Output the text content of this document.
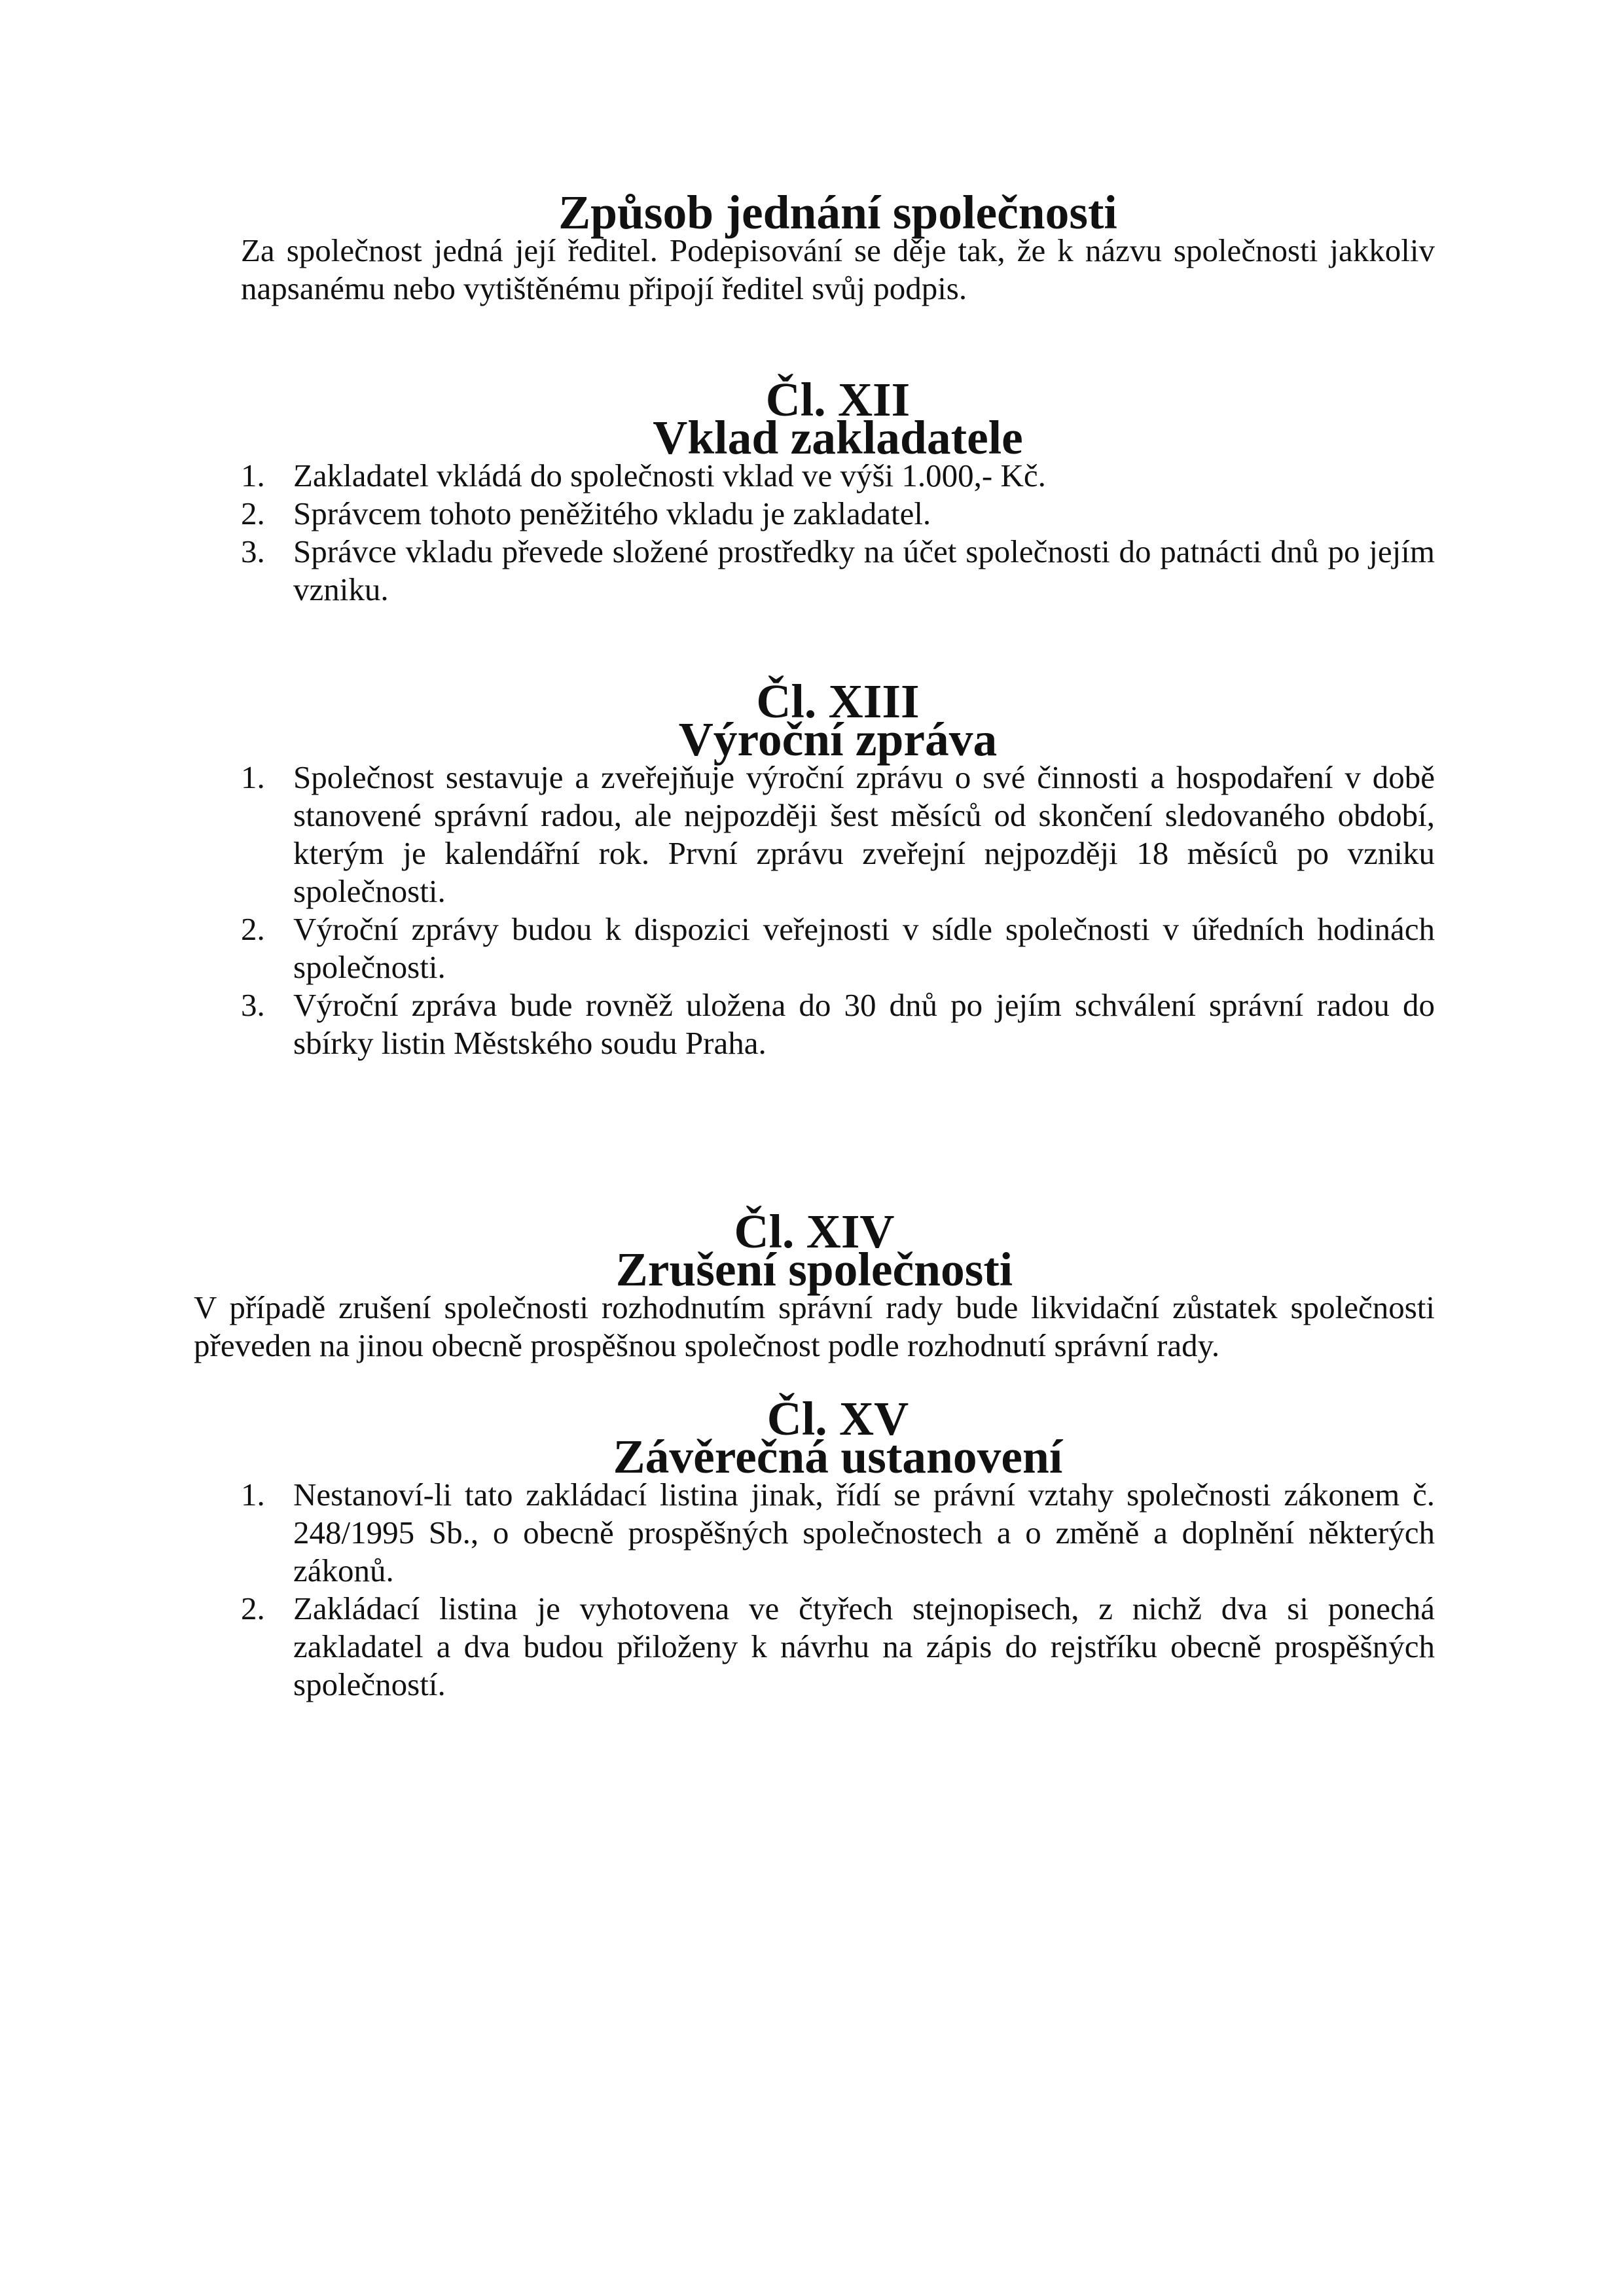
Způsob jednání společnosti

Za společnost jedná její ředitel. Podepisování se děje tak, že k názvu společnosti jakkoliv napsanému nebo vytištěnému připojí ředitel svůj podpis.

Čl. XII
Vklad zakladatele
1. Zakladatel vkládá do společnosti vklad ve výši 1.000,- Kč.
2. Správcem tohoto peněžitého vkladu je zakladatel.
3. Správce vkladu převede složené prostředky na účet společnosti do patnácti dnů po jejím vzniku.
Čl. XIII
Výroční zpráva
1. Společnost sestavuje a zveřejňuje výroční zprávu o své činnosti a hospodaření v době stanovené správní radou, ale nejpozději šest měsíců od skončení sledovaného období, kterým je kalendářní rok. První zprávu zveřejní nejpozději 18 měsíců po vzniku společnosti.
2. Výroční zprávy budou k dispozici veřejnosti v sídle společnosti v úředních hodinách společnosti.
3. Výroční zpráva bude rovněž uložena do 30 dnů po jejím schválení správní radou do sbírky listin Městského soudu Praha.
Čl. XIV
Zrušení společnosti

V případě zrušení společnosti rozhodnutím správní rady bude likvidační zůstatek společnosti převeden na jinou obecně prospěšnou společnost podle rozhodnutí správní rady.

Čl. XV
Závěrečná ustanovení
1. Nestanoví-li tato zakládací listina jinak, řídí se právní vztahy společnosti zákonem č. 248/1995 Sb., o obecně prospěšných společnostech a o změně a doplnění některých zákonů.
2. Zakládací listina je vyhotovena ve čtyřech stejnopisech, z nichž dva si ponechá zakladatel a dva budou přiloženy k návrhu na zápis do rejstříku obecně prospěšných společností.
